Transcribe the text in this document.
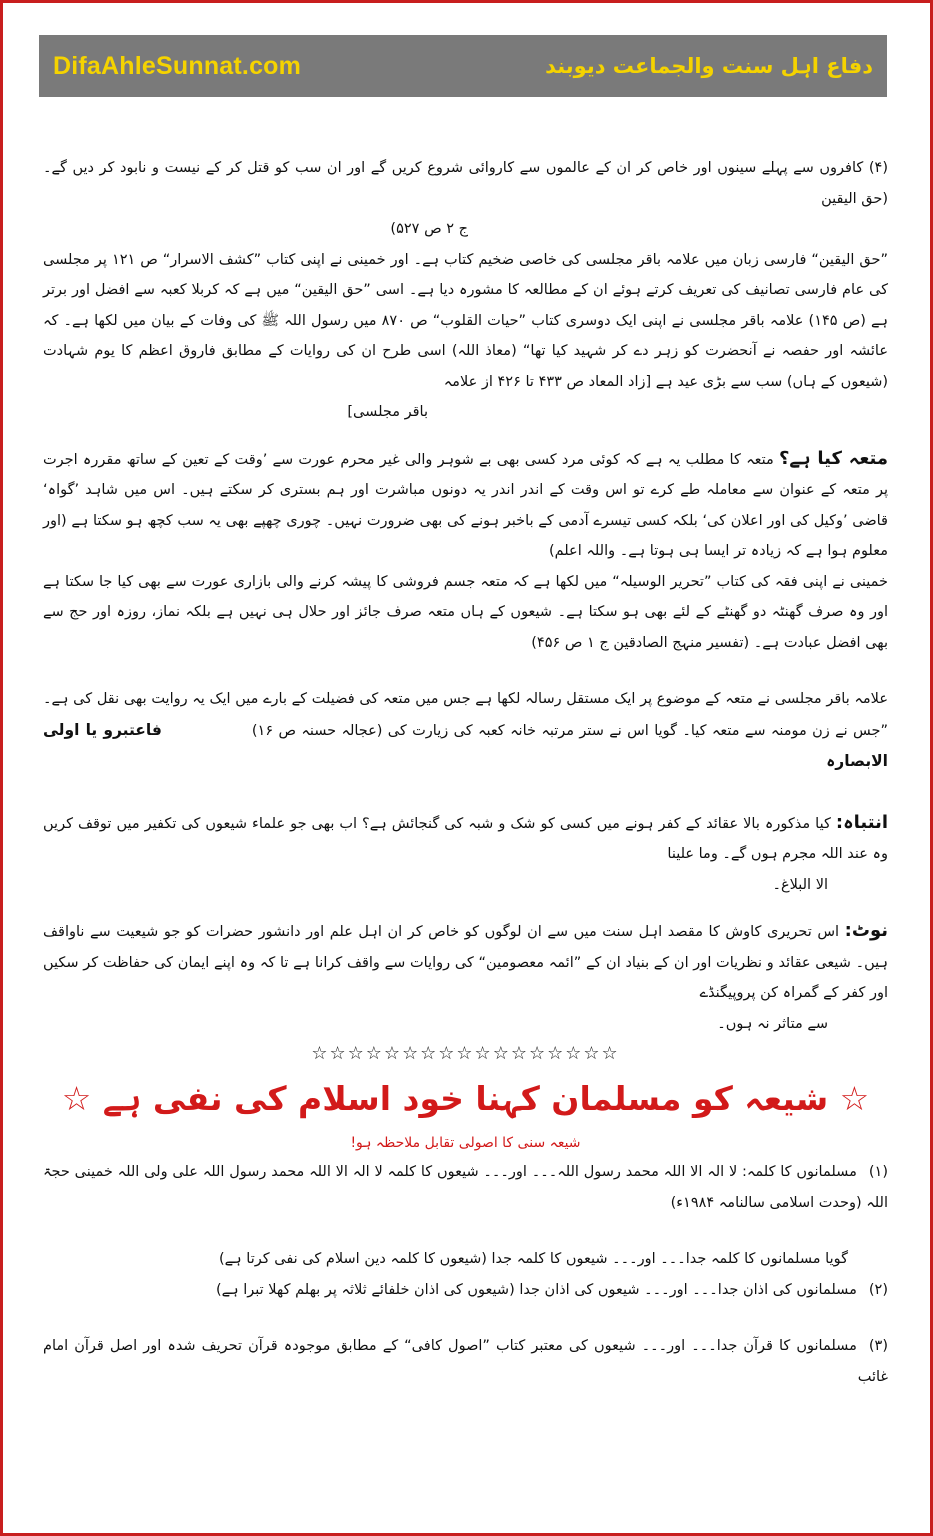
DifaAhleSunnat.com	دفاع اہل سنت والجماعت دیوبند

(۴) کافروں سے پہلے سینوں اور خاص کر ان کے عالموں سے کاروائی شروع کریں گے اور ان سب کو قتل کر کے نیست و نابود کر دیں گے۔ (حق الیقین

ج ۲ ص ۵۲۷)

”حق الیقین“ فارسی زبان میں علامہ باقر مجلسی کی خاصی ضخیم کتاب ہے۔ اور خمینی نے اپنی کتاب ”کشف الاسرار“ ص ۱۲۱ پر مجلسی کی عام فارسی تصانیف کی تعریف کرتے ہوئے ان کے مطالعہ کا مشورہ دیا ہے۔ اسی ”حق الیقین“ میں ہے کہ کربلا کعبہ سے افضل اور برتر ہے (ص ۱۴۵) علامہ باقر مجلسی نے اپنی ایک دوسری کتاب ”حیات القلوب“ ص ۸۷۰ میں رسول اللہ ﷺ کی وفات کے بیان میں لکھا ہے۔ کہ عائشہ اور حفصہ نے آنحضرت کو زہر دے کر شہید کیا تھا“ (معاذ اللہ) اسی طرح ان کی روایات کے مطابق فاروق اعظم کا یوم شہادت (شیعوں کے ہاں) سب سے بڑی عید ہے [زاد المعاد ص ۴۳۳ تا ۴۲۶ از علامہ

باقر مجلسی]

متعہ کیا ہے؟ متعہ کا مطلب یہ ہے کہ کوئی مرد کسی بھی بے شوہر والی غیر محرم عورت سے ’وقت کے تعین کے ساتھ مقررہ اجرت پر متعہ کے عنوان سے معاملہ طے کرے تو اس وقت کے اندر اندر یہ دونوں مباشرت اور ہم بستری کر سکتے ہیں۔ اس میں شاہد ’گواہ‘ قاضی ’وکیل کی اور اعلان کی‘ بلکہ کسی تیسرے آدمی کے باخبر ہونے کی بھی ضرورت نہیں۔ چوری چھپے بھی یہ سب کچھ ہو سکتا ہے (اور معلوم ہوا ہے کہ زیادہ تر ایسا ہی ہوتا ہے۔ واللہ اعلم)

خمینی نے اپنی فقہ کی کتاب ”تحریر الوسیلہ“ میں لکھا ہے کہ متعہ جسم فروشی کا پیشہ کرنے والی بازاری عورت سے بھی کیا جا سکتا ہے اور وہ صرف گھنٹہ دو گھنٹے کے لئے بھی ہو سکتا ہے۔ شیعوں کے ہاں متعہ صرف جائز اور حلال ہی نہیں ہے بلکہ نماز، روزہ اور حج سے بھی افضل عبادت ہے۔ (تفسیر منہج الصادقین ج ۱ ص ۴۵۶)

علامہ باقر مجلسی نے متعہ کے موضوع پر ایک مستقل رسالہ لکھا ہے جس میں متعہ کی فضیلت کے بارے میں ایک یہ روایت بھی نقل کی ہے۔ ”جس نے زن مومنہ سے متعہ کیا۔ گویا اس نے ستر مرتبہ خانہ کعبہ کی زیارت کی (عجالہ حسنہ ص ۱۶)فاعتبرو یا اولی الابصارہ

انتباہ: کیا مذکورہ بالا عقائد کے کفر ہونے میں کسی کو شک و شبہ کی گنجائش ہے؟ اب بھی جو علماء شیعوں کی تکفیر میں توقف کریں وہ عند اللہ مجرم ہوں گے۔ وما علینا

الا البلاغ۔

نوٹ: اس تحریری کاوش کا مقصد اہل سنت میں سے ان لوگوں کو خاص کر ان اہل علم اور دانشور حضرات کو جو شیعیت سے ناواقف ہیں۔ شیعی عقائد و نظریات اور ان کے بنیاد ان کے ”ائمہ معصومین“ کی روایات سے واقف کرانا ہے تا کہ وہ اپنے ایمان کی حفاظت کر سکیں اور کفر کے گمراہ کن پروپیگنڈے

سے متاثر نہ ہوں۔

☆☆☆☆☆☆☆☆☆☆☆☆☆☆☆☆☆

☆ شیعہ کو مسلمان کہنا خود اسلام کی نفی ہے ☆

شیعہ سنی کا اصولی تقابل ملاحظہ ہو!

(۱)مسلمانوں کا کلمہ: لا الہ الا اللہ محمد رسول اللہ۔۔۔ اور۔۔۔ شیعوں کا کلمہ لا الہ الا اللہ محمد رسول اللہ علی ولی اللہ خمینی حجۃ اللہ (وحدت اسلامی سالنامہ ۱۹۸۴ء)

گویا مسلمانوں کا کلمہ جدا۔۔۔ اور۔۔۔ شیعوں کا کلمہ جدا (شیعوں کا کلمہ دین اسلام کی نفی کرتا ہے)

(۲)مسلمانوں کی اذان جدا۔۔۔ اور۔۔۔ شیعوں کی اذان جدا (شیعوں کی اذان خلفائے ثلاثہ پر بھلم کھلا تبرا ہے)

(۳)مسلمانوں کا قرآن جدا۔۔۔ اور۔۔۔ شیعوں کی معتبر کتاب ”اصول کافی“ کے مطابق موجودہ قرآن تحریف شدہ اور اصل قرآن امام غائب
